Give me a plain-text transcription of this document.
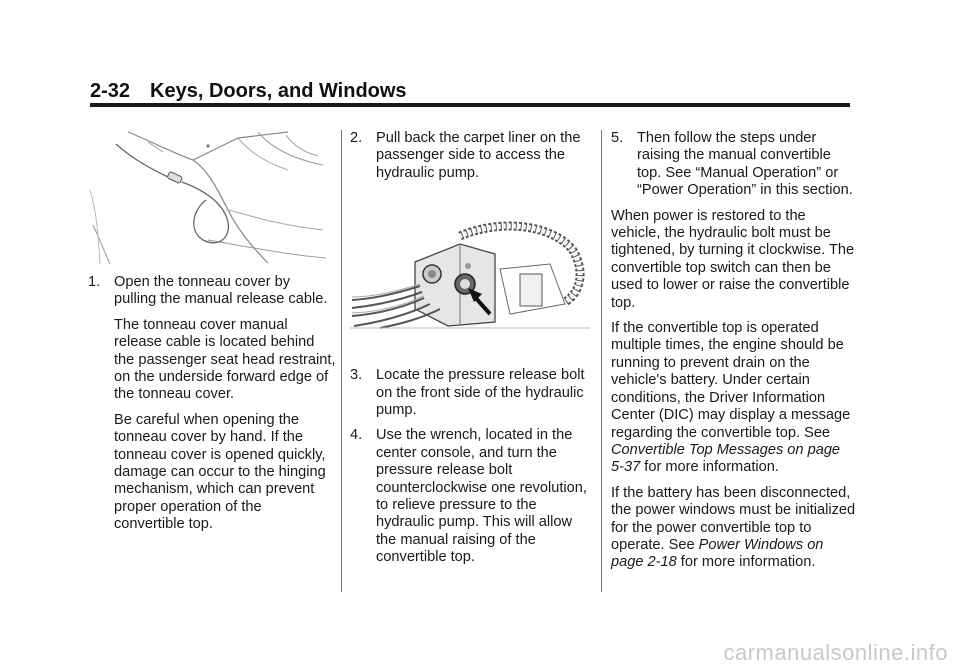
2-32 Keys, Doors, and Windows
1. Open the tonneau cover by pulling the manual release cable.

The tonneau cover manual release cable is located behind the passenger seat head restraint, on the underside forward edge of the tonneau cover.

Be careful when opening the tonneau cover by hand. If the tonneau cover is opened quickly, damage can occur to the hinging mechanism, which can prevent proper operation of the convertible top.

2. Pull back the carpet liner on the passenger side to access the hydraulic pump.
3. Locate the pressure release bolt on the front side of the hydraulic pump.
4. Use the wrench, located in the center console, and turn the pressure release bolt counterclockwise one revolution, to relieve pressure to the hydraulic pump. This will allow the manual raising of the convertible top.
5. Then follow the steps under raising the manual convertible top. See “Manual Operation” or “Power Operation” in this section.

When power is restored to the vehicle, the hydraulic bolt must be tightened, by turning it clockwise. The convertible top switch can then be used to lower or raise the convertible top.

If the convertible top is operated multiple times, the engine should be running to prevent drain on the vehicle's battery. Under certain conditions, the Driver Information Center (DIC) may display a message regarding the convertible top. See Convertible Top Messages on page 5-37 for more information.

If the battery has been disconnected, the power windows must be initialized for the power convertible top to operate. See Power Windows on page 2-18 for more information.

carmanualsonline.info
